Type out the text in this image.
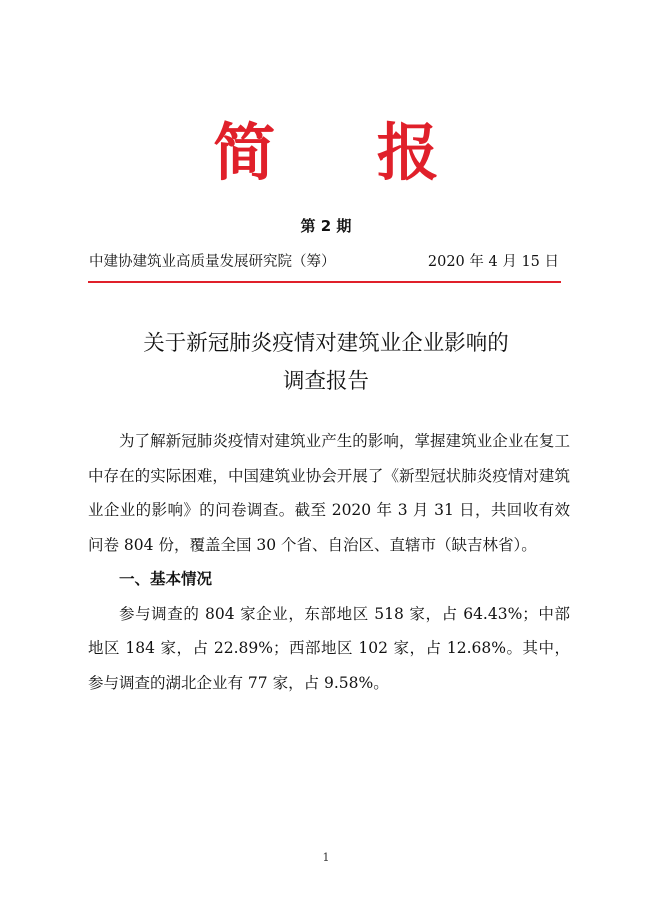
简 报
第 2 期
中建协建筑业高质量发展研究院（筹）	2020 年 4 月 15 日
关于新冠肺炎疫情对建筑业企业影响的
调查报告

为了解新冠肺炎疫情对建筑业产生的影响，掌握建筑业企业在复工中存在的实际困难，中国建筑业协会开展了《新型冠状肺炎疫情对建筑业企业的影响》的问卷调查。截至 2020 年 3 月 31 日，共回收有效问卷 804 份，覆盖全国 30 个省、自治区、直辖市（缺吉林省）。

一、基本情况

参与调查的 804 家企业，东部地区 518 家，占 64.43%；中部地区 184 家，占 22.89%；西部地区 102 家，占 12.68%。其中，参与调查的湖北企业有 77 家，占 9.58%。

1
